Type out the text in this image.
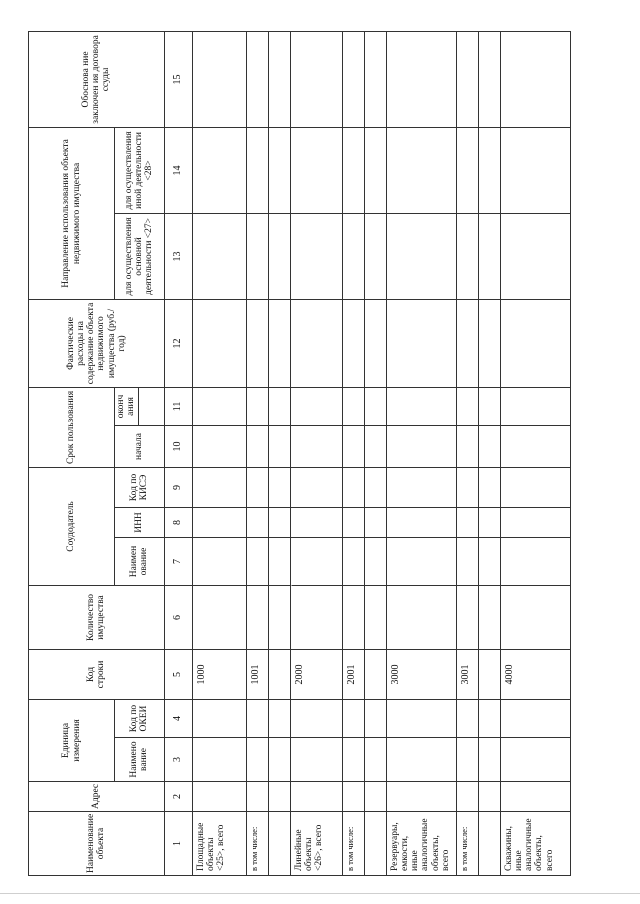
Наименование объекта	Адрес	Единица измерения		Код строки	Количество имущества	Соудодатель			Срок пользования		Фактические расходы на содержание объекта недвижимого имущества (руб./год)	Направление использования объекта недвижимого имущества		Обоснова ние заключен ия договора ссуды
		Наимено вание	Код по ОКЕИ			Наимен ование	ИНН	Код по КИСЭ	начала	оконч ания		для осуществления основной деятельности <27>	для осуществления иной деятельности <28>	

1	2	3	4	5	6	7	8	9	10	11	12	13	14	15
Площадные объекты <25>, всего				1000										
в том числе:				1001										

Линейные объекты <26>, всего				2000										
в том числе:				2001										

Резервуары, емкости, иные аналогичные объекты, всего				3000										
в том числе:				3001										

Скважины, иные аналогичные объекты, всего				4000										
